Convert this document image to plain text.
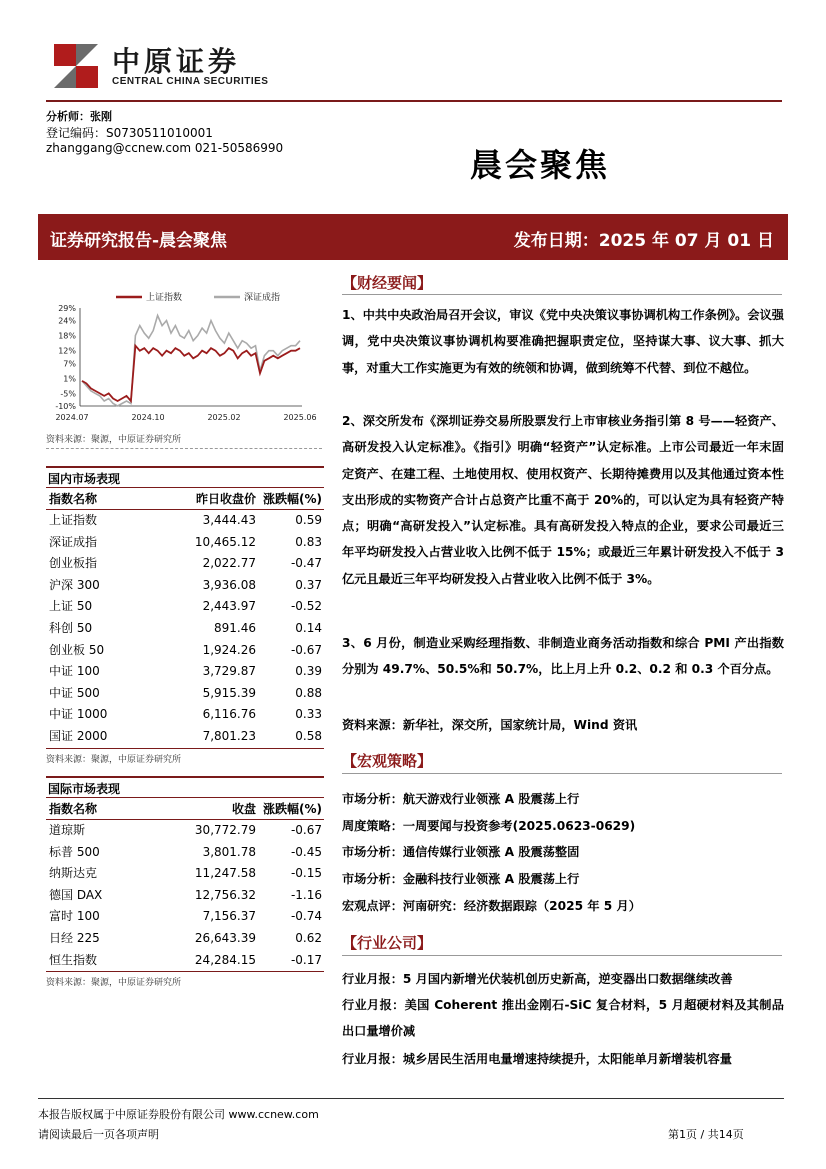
中原证券
CENTRAL CHINA SECURITIES
分析师：张刚
登记编码：S0730511010001
zhanggang@ccnew.com 021-50586990	晨会聚焦
证券研究报告-晨会聚焦	发布日期：2025 年 07 月 01 日
29%
24%
18%
12%
7%
1%
-5%
-10%
2024.07	2024.10	2025.02	2025.06
上证指数	深证成指
资料来源：聚源，中原证券研究所
国内市场表现
指数名称	昨日收盘价 涨跌幅(%)
上证指数	3,444.43	0.59
深证成指	10,465.12	0.83
创业板指	2,022.77	-0.47
沪深 300	3,936.08	0.37
上证 50	2,443.97	-0.52
科创 50	891.46	0.14
创业板 50	1,924.26	-0.67
中证 100	3,729.87	0.39
中证 500	5,915.39	0.88
中证 1000	6,116.76	0.33
国证 2000	7,801.23	0.58
资料来源：聚源，中原证券研究所
国际市场表现
指数名称	收盘 涨跌幅(%)
道琼斯	30,772.79	-0.67
标普 500	3,801.78	-0.45
纳斯达克	11,247.58	-0.15
德国 DAX	12,756.32	-1.16
富时 100	7,156.37	-0.74
日经 225	26,643.39	0.62
恒生指数	24,284.15	-0.17
资料来源：聚源，中原证券研究所
【财经要闻】
1、中共中央政治局召开会议，审议《党中央决策议事协调机构工作条例》。会议强调，党中央决策议事协调机构要准确把握职责定位，坚持谋大事、议大事、抓大事，对重大工作实施更为有效的统领和协调，做到统筹不代替、到位不越位。
2、深交所发布《深圳证券交易所股票发行上市审核业务指引第 8 号——轻资产、高研发投入认定标准》。《指引》明确“轻资产”认定标准。上市公司最近一年末固定资产、在建工程、土地使用权、使用权资产、长期待摊费用以及其他通过资本性支出形成的实物资产合计占总资产比重不高于 20%的，可以认定为具有轻资产特点；明确“高研发投入”认定标准。具有高研发投入特点的企业，要求公司最近三年平均研发投入占营业收入比例不低于 15%；或最近三年累计研发投入不低于 3 亿元且最近三年平均研发投入占营业收入比例不低于 3%。
3、6 月份，制造业采购经理指数、非制造业商务活动指数和综合 PMI 产出指数分别为 49.7%、50.5%和 50.7%，比上月上升 0.2、0.2 和 0.3 个百分点。
资料来源：新华社，深交所，国家统计局，Wind 资讯
【宏观策略】
市场分析：航天游戏行业领涨 A 股震荡上行
周度策略：一周要闻与投资参考(2025.0623-0629)
市场分析：通信传媒行业领涨 A 股震荡整固
市场分析：金融科技行业领涨 A 股震荡上行
宏观点评：河南研究：经济数据跟踪（2025 年 5 月）
【行业公司】
行业月报：5 月国内新增光伏装机创历史新高，逆变器出口数据继续改善
行业月报：美国 Coherent 推出金刚石-SiC 复合材料，5 月超硬材料及其制品出口量增价减
行业月报：城乡居民生活用电量增速持续提升，太阳能单月新增装机容量
本报告版权属于中原证券股份有限公司 www.ccnew.com
请阅读最后一页各项声明	第1页 / 共14页
